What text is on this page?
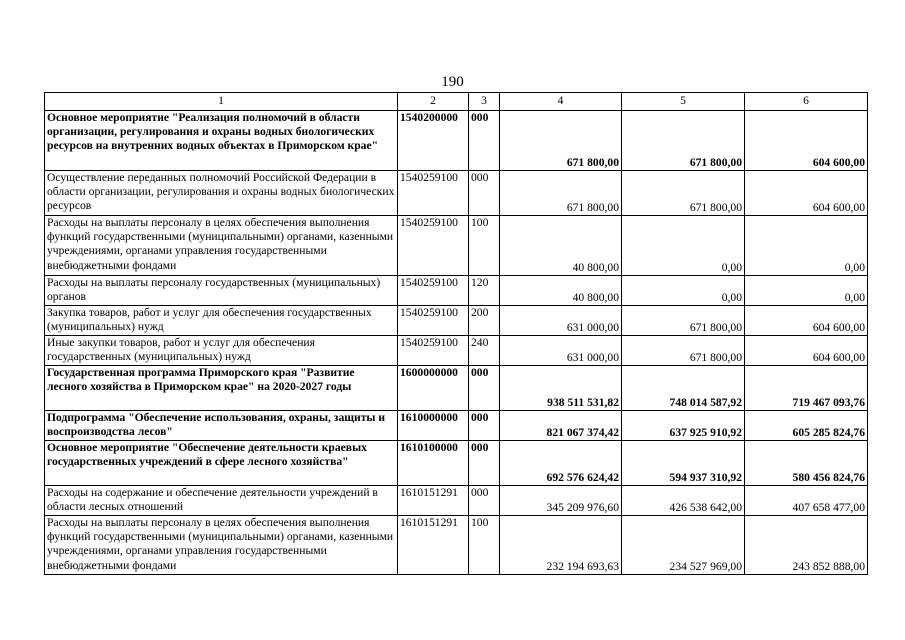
190
1	2	3	4	5	6
Основное мероприятие "Реализация полномочий в области организации, регулирования и охраны водных биологических ресурсов на внутренних водных объектах в Приморском крае"	1540200000	000	671 800,00	671 800,00	604 600,00
Осуществление переданных полномочий Российской Федерации в области организации, регулирования и охраны водных биологических ресурсов	1540259100	000	671 800,00	671 800,00	604 600,00
Расходы на выплаты персоналу в целях обеспечения выполнения функций государственными (муниципальными) органами, казенными учреждениями, органами управления государственными внебюджетными фондами	1540259100	100	40 800,00	0,00	0,00
Расходы на выплаты персоналу государственных (муниципальных) органов	1540259100	120	40 800,00	0,00	0,00
Закупка товаров, работ и услуг для обеспечения государственных (муниципальных) нужд	1540259100	200	631 000,00	671 800,00	604 600,00
Иные закупки товаров, работ и услуг для обеспечения государственных (муниципальных) нужд	1540259100	240	631 000,00	671 800,00	604 600,00
Государственная программа Приморского края "Развитие лесного хозяйства в Приморском крае" на 2020-2027 годы	1600000000	000	938 511 531,82	748 014 587,92	719 467 093,76
Подпрограмма "Обеспечение использования, охраны, защиты и воспроизводства лесов"	1610000000	000	821 067 374,42	637 925 910,92	605 285 824,76
Основное мероприятие "Обеспечение деятельности краевых государственных учреждений в сфере лесного хозяйства"	1610100000	000	692 576 624,42	594 937 310,92	580 456 824,76
Расходы на содержание и обеспечение деятельности учреждений в области лесных отношений	1610151291	000	345 209 976,60	426 538 642,00	407 658 477,00
Расходы на выплаты персоналу в целях обеспечения выполнения функций государственными (муниципальными) органами, казенными учреждениями, органами управления государственными внебюджетными фондами	1610151291	100	232 194 693,63	234 527 969,00	243 852 888,00
